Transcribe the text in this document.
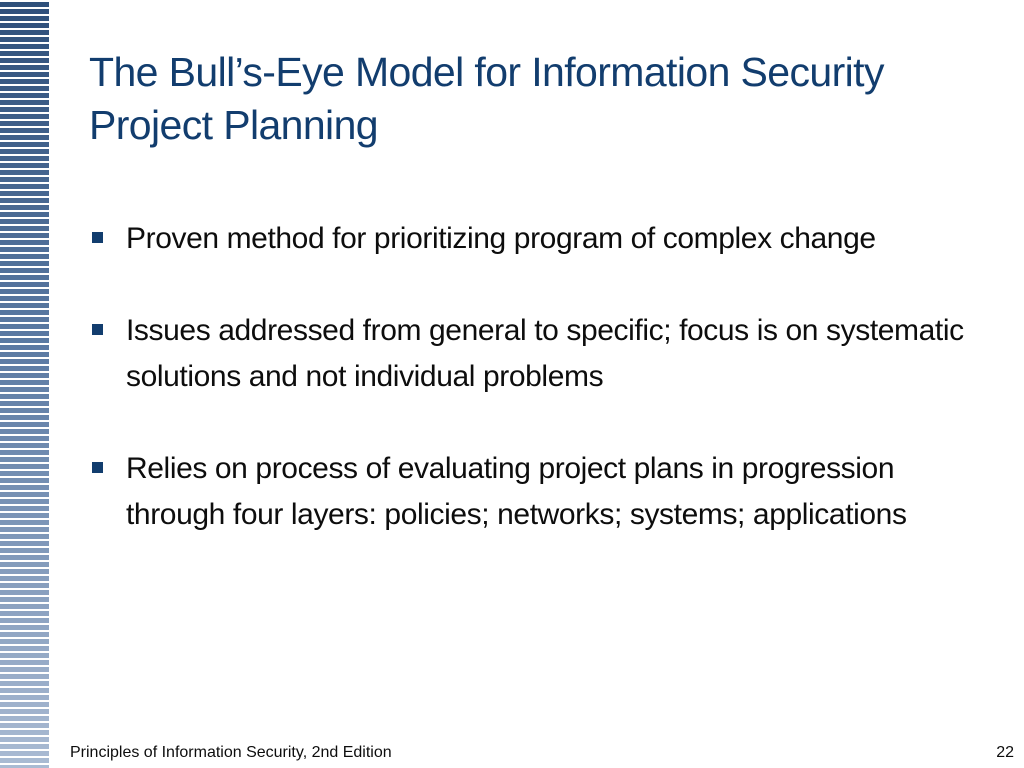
The Bull’s-Eye Model for Information Security Project Planning
Proven method for prioritizing program of complex change
Issues addressed from general to specific; focus is on systematic solutions and not individual problems
Relies on process of evaluating project plans in progression through four layers: policies; networks; systems; applications
Principles of Information Security, 2nd Edition	22
